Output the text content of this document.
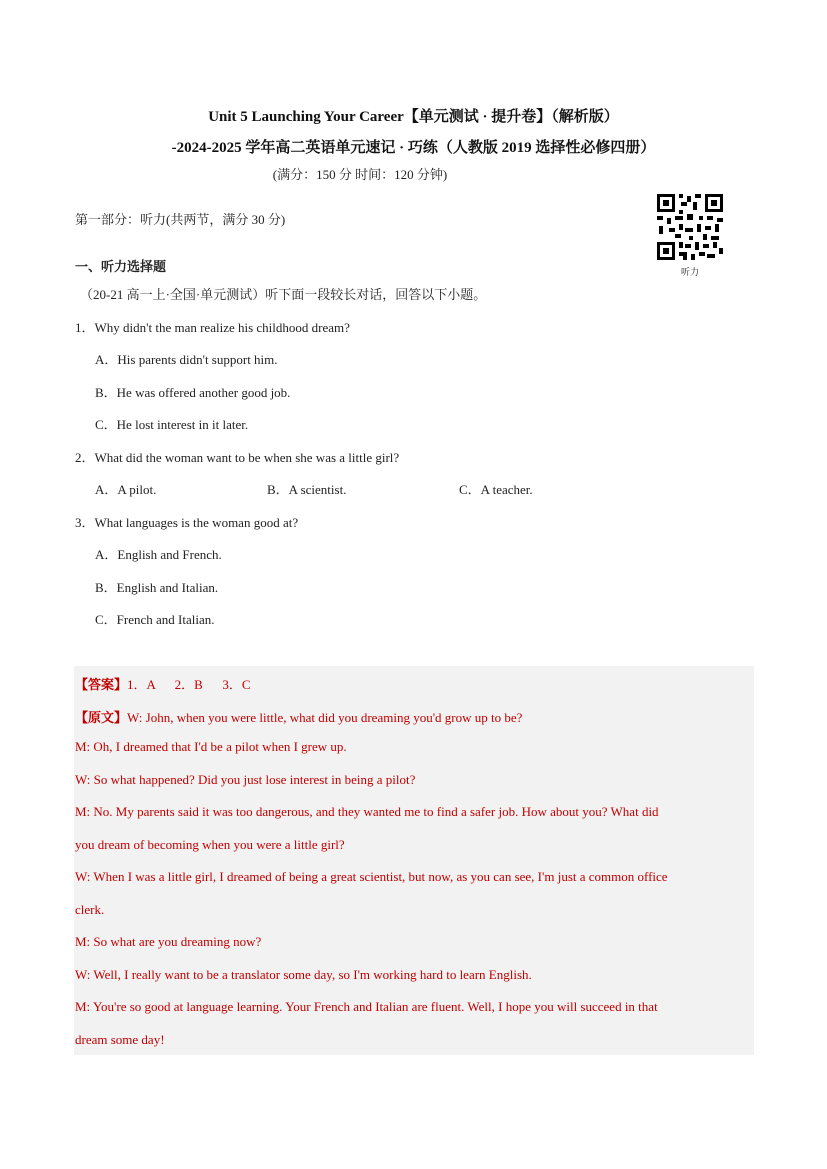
Unit 5 Launching Your Career【单元测试 · 提升卷】（解析版）
-2024-2025 学年高二英语单元速记 · 巧练（人教版 2019 选择性必修四册）
(满分：150 分 时间：120 分钟)
听力
第一部分：听力(共两节，满分 30 分)
一、听力选择题
（20-21 高一上·全国·单元测试）听下面一段较长对话，回答以下小题。
1．Why didn't the man realize his childhood dream?
A．His parents didn't support him.
B．He was offered another good job.
C．He lost interest in it later.
2．What did the woman want to be when she was a little girl?
A．A pilot.	B．A scientist.	C．A teacher.
3．What languages is the woman good at?
A．English and French.
B．English and Italian.
C．French and Italian.
【答案】1．A      2．B      3．C
【原文】W: John, when you were little, what did you dreaming you'd grow up to be?
M: Oh, I dreamed that I'd be a pilot when I grew up.
W: So what happened? Did you just lose interest in being a pilot?
M: No. My parents said it was too dangerous, and they wanted me to find a safer job. How about you? What did
you dream of becoming when you were a little girl?
W: When I was a little girl, I dreamed of being a great scientist, but now, as you can see, I'm just a common office
clerk.
M: So what are you dreaming now?
W: Well, I really want to be a translator some day, so I'm working hard to learn English.
M: You're so good at language learning. Your French and Italian are fluent. Well, I hope you will succeed in that
dream some day!
